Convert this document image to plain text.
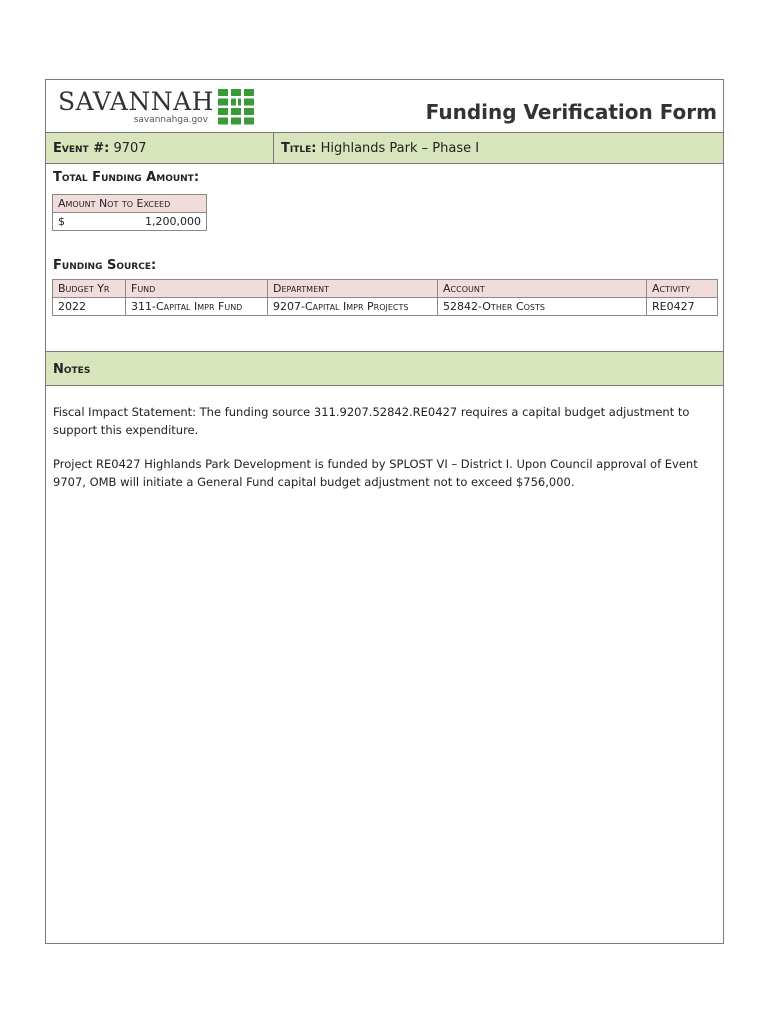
SAVANNAH
savannahga.gov	Funding Verification Form
Event #: 9707	Title: Highlands Park – Phase I
Total Funding Amount:
Amount Not to Exceed

$	1,200,000
Funding Source:
Budget Yr	Fund	Department	Account	Activity
2022	311-Capital Impr Fund	9207-Capital Impr Projects	52842-Other Costs	RE0427
Notes

Fiscal Impact Statement: The funding source 311.9207.52842.RE0427 requires a capital budget adjustment to support this expenditure.

Project RE0427 Highlands Park Development is funded by SPLOST VI – District I. Upon Council approval of Event 9707, OMB will initiate a General Fund capital budget adjustment not to exceed $756,000.
